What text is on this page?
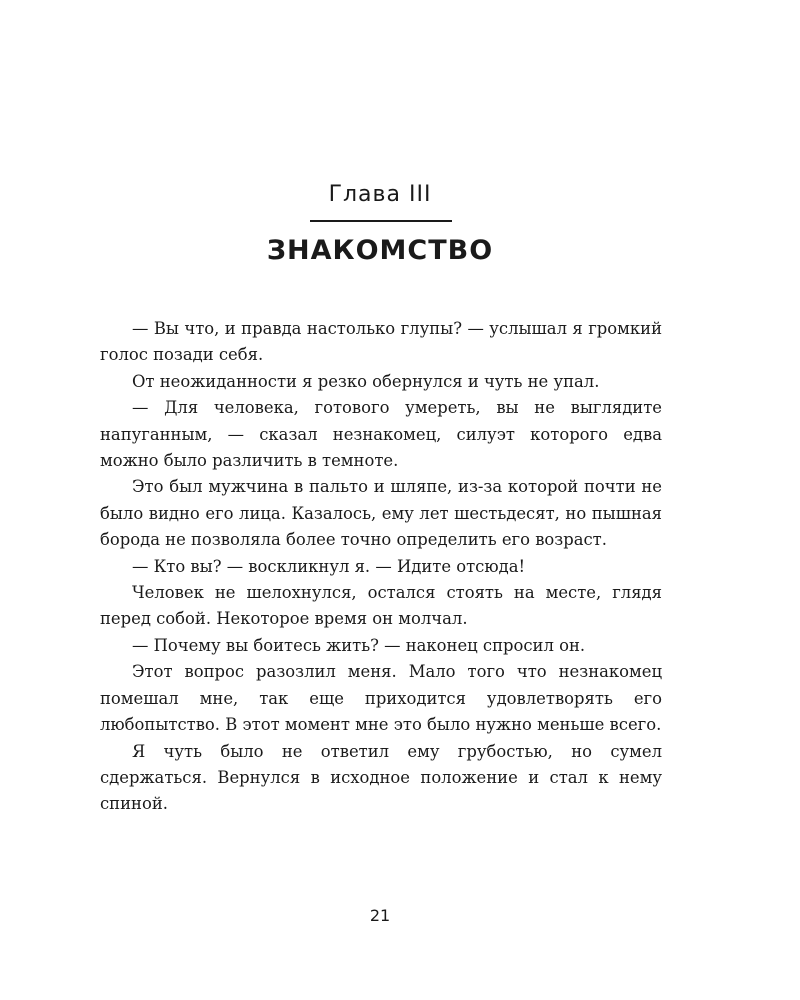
Глава III
ЗНАКОМСТВО

— Вы что, и правда настолько глупы? — услышал я громкий голос позади себя.

От неожиданности я резко обернулся и чуть не упал.

— Для человека, готового умереть, вы не выглядите напуганным, — сказал незнакомец, силуэт которого едва можно было различить в темноте.

Это был мужчина в пальто и шляпе, из-за которой почти не было видно его лица. Казалось, ему лет шестьдесят, но пышная борода не позволяла более точно определить его возраст.

— Кто вы? — воскликнул я. — Идите отсюда!

Человек не шелохнулся, остался стоять на месте, глядя перед собой. Некоторое время он молчал.

— Почему вы боитесь жить? — наконец спросил он.

Этот вопрос разозлил меня. Мало того что незнакомец помешал мне, так еще приходится удовлетворять его любопытство. В этот момент мне это было нужно меньше всего.

Я чуть было не ответил ему грубостью, но сумел сдержаться. Вернулся в исходное положение и стал к нему спиной.

21
